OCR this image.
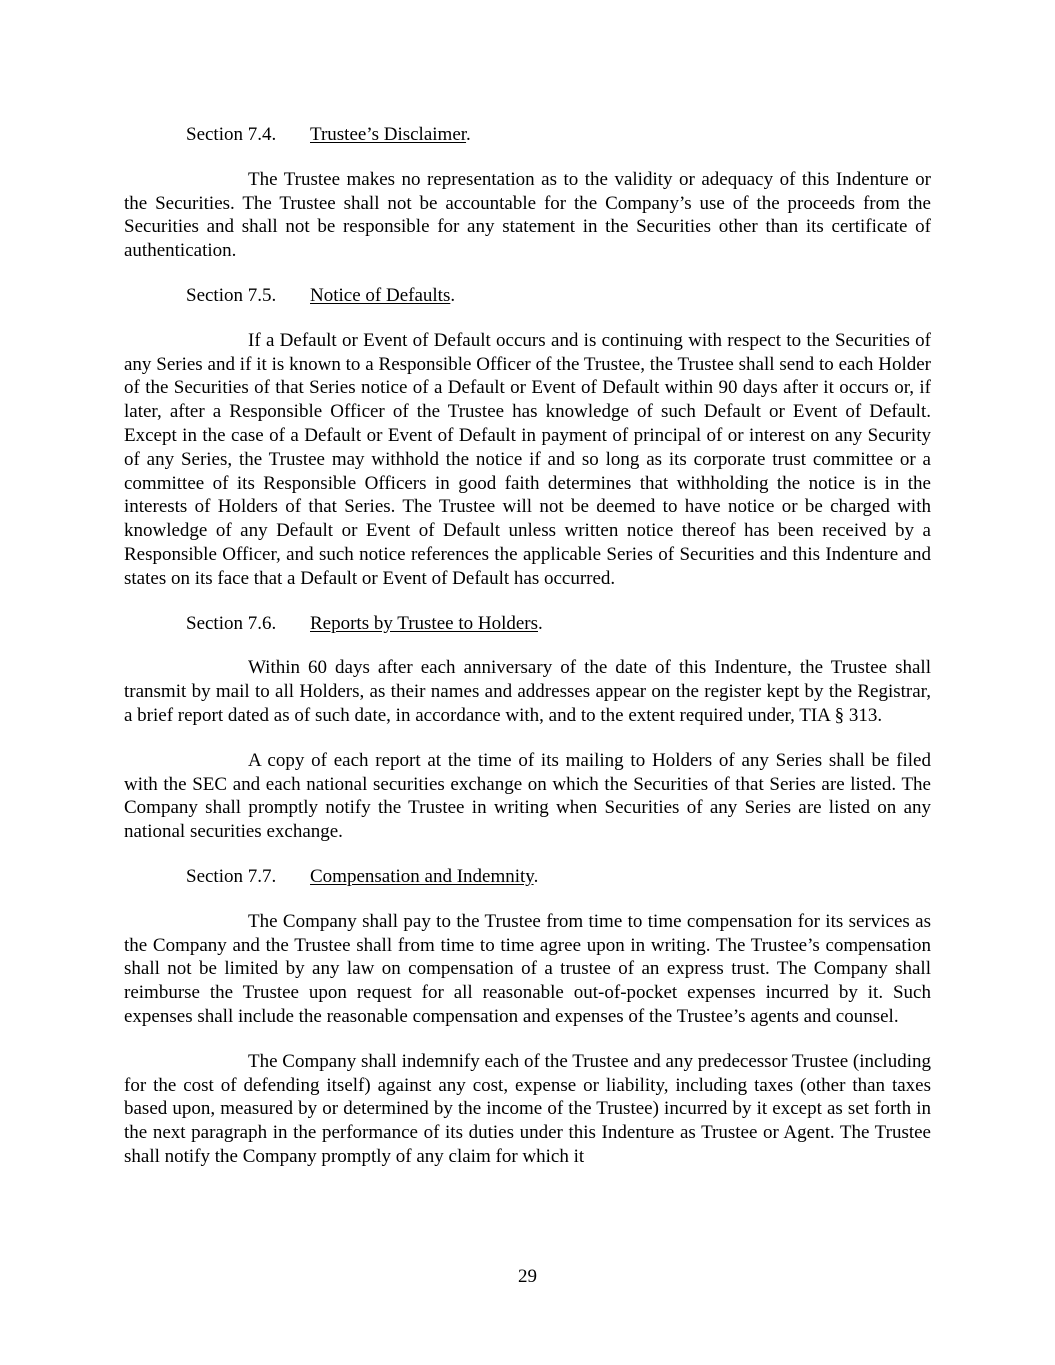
Section 7.4. Trustee’s Disclaimer.

The Trustee makes no representation as to the validity or adequacy of this Indenture or the Securities. The Trustee shall not be accountable for the Company’s use of the proceeds from the Securities and shall not be responsible for any statement in the Securities other than its certificate of authentication.

Section 7.5. Notice of Defaults.

If a Default or Event of Default occurs and is continuing with respect to the Securities of any Series and if it is known to a Responsible Officer of the Trustee, the Trustee shall send to each Holder of the Securities of that Series notice of a Default or Event of Default within 90 days after it occurs or, if later, after a Responsible Officer of the Trustee has knowledge of such Default or Event of Default. Except in the case of a Default or Event of Default in payment of principal of or interest on any Security of any Series, the Trustee may withhold the notice if and so long as its corporate trust committee or a committee of its Responsible Officers in good faith determines that withholding the notice is in the interests of Holders of that Series. The Trustee will not be deemed to have notice or be charged with knowledge of any Default or Event of Default unless written notice thereof has been received by a Responsible Officer, and such notice references the applicable Series of Securities and this Indenture and states on its face that a Default or Event of Default has occurred.

Section 7.6. Reports by Trustee to Holders.

Within 60 days after each anniversary of the date of this Indenture, the Trustee shall transmit by mail to all Holders, as their names and addresses appear on the register kept by the Registrar, a brief report dated as of such date, in accordance with, and to the extent required under, TIA § 313.

A copy of each report at the time of its mailing to Holders of any Series shall be filed with the SEC and each national securities exchange on which the Securities of that Series are listed. The Company shall promptly notify the Trustee in writing when Securities of any Series are listed on any national securities exchange.

Section 7.7. Compensation and Indemnity.

The Company shall pay to the Trustee from time to time compensation for its services as the Company and the Trustee shall from time to time agree upon in writing. The Trustee’s compensation shall not be limited by any law on compensation of a trustee of an express trust. The Company shall reimburse the Trustee upon request for all reasonable out-of-pocket expenses incurred by it. Such expenses shall include the reasonable compensation and expenses of the Trustee’s agents and counsel.

The Company shall indemnify each of the Trustee and any predecessor Trustee (including for the cost of defending itself) against any cost, expense or liability, including taxes (other than taxes based upon, measured by or determined by the income of the Trustee) incurred by it except as set forth in the next paragraph in the performance of its duties under this Indenture as Trustee or Agent. The Trustee shall notify the Company promptly of any claim for which it

29
